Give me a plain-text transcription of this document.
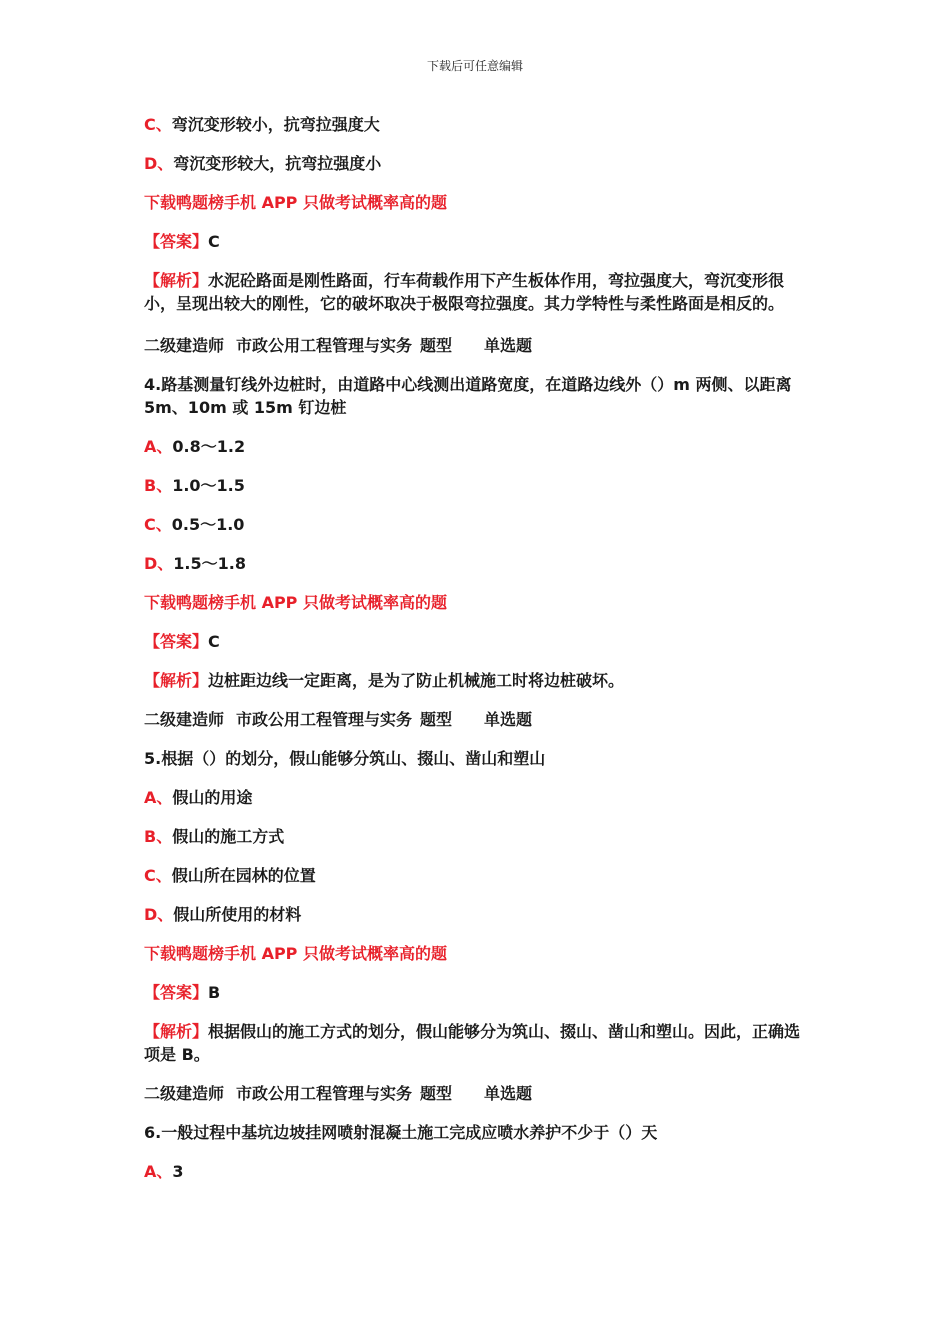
下载后可任意编辑
C、弯沉变形较小，抗弯拉强度大
D、弯沉变形较大，抗弯拉强度小
下载鸭题榜手机 APP 只做考试概率高的题
【答案】C
【解析】水泥砼路面是刚性路面，行车荷载作用下产生板体作用，弯拉强度大，弯沉变形很小，呈现出较大的刚性，它的破坏取决于极限弯拉强度。其力学特性与柔性路面是相反的。
二级建造师 市政公用工程管理与实务 题型 单选题
4.路基测量钉线外边桩时，由道路中心线测出道路宽度，在道路边线外（）m 两侧、以距离 5m、10m 或 15m 钉边桩
A、0.8～1.2
B、1.0～1.5
C、0.5～1.0
D、1.5～1.8
下载鸭题榜手机 APP 只做考试概率高的题
【答案】C
【解析】边桩距边线一定距离，是为了防止机械施工时将边桩破坏。
二级建造师 市政公用工程管理与实务 题型 单选题
5.根据（）的划分，假山能够分筑山、掇山、凿山和塑山
A、假山的用途
B、假山的施工方式
C、假山所在园林的位置
D、假山所使用的材料
下载鸭题榜手机 APP 只做考试概率高的题
【答案】B
【解析】根据假山的施工方式的划分，假山能够分为筑山、掇山、凿山和塑山。因此，正确选项是 B。
二级建造师 市政公用工程管理与实务 题型 单选题
6.一般过程中基坑边坡挂网喷射混凝土施工完成应喷水养护不少于（）天
A、3
